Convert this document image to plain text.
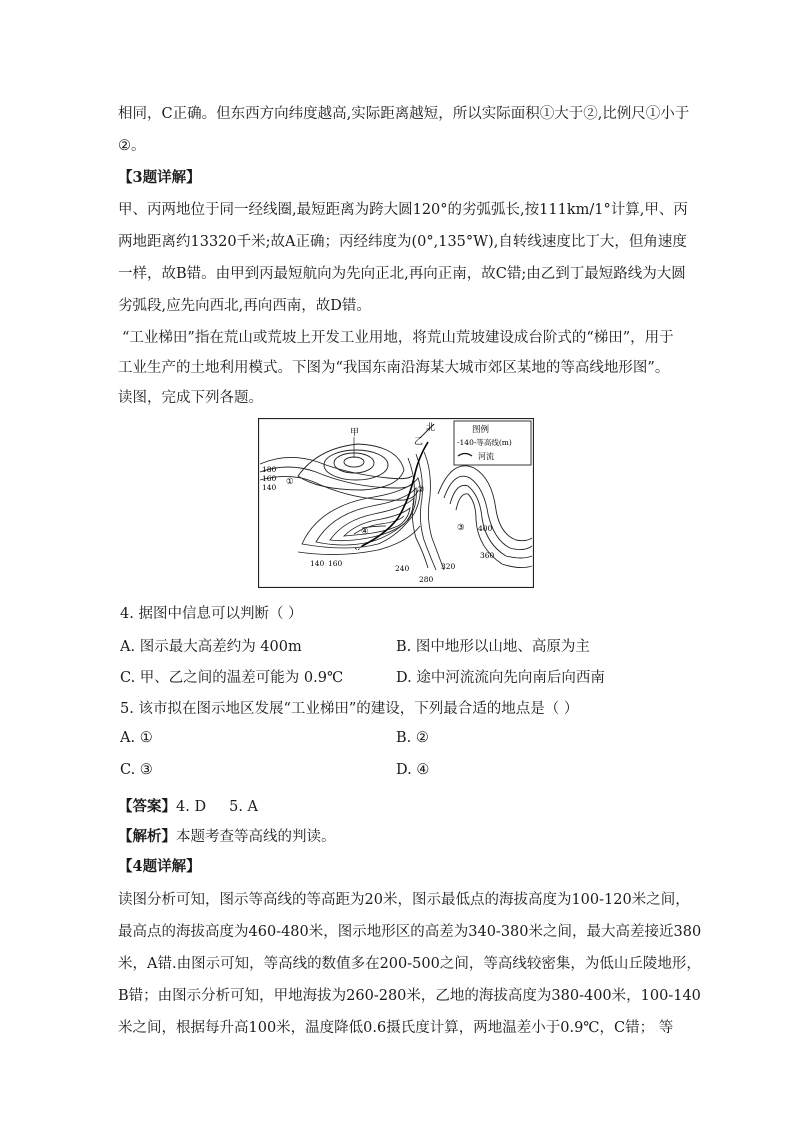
相同，C正确。但东西方向纬度越高,实际距离越短，所以实际面积①大于②,比例尺①小于
②。
【3题详解】
甲、丙两地位于同一经线圈,最短距离为跨大圆120°的劣弧弧长,按111km/1°计算,甲、丙
两地距离约13320千米;故A正确；丙经纬度为(0°,135°W),自转线速度比丁大，但角速度
一样，故B错。由甲到丙最短航向为先向正北,再向正南，故C错;由乙到丁最短路线为大圆
劣弧段,应先向西北,再向西南，故D错。
“工业梯田”指在荒山或荒坡上开发工业用地，将荒山荒坡建设成台阶式的“梯田”，用于
工业生产的土地利用模式。下图为“我国东南沿海某大城市郊区某地的等高线地形图”。
读图，完成下列各题。
图例
-140-等高线(m)
河流
北
甲
180
160
140
①
④
②
乙
③ 400
360
140 160
240
280
320
4. 据图中信息可以判断（ ）
A. 图示最大高差约为 400m	B. 图中地形以山地、高原为主
C. 甲、乙之间的温差可能为 0.9℃	D. 途中河流流向先向南后向西南
5. 该市拟在图示地区发展“工业梯田”的建设，下列最合适的地点是（ ）
A. ①	B. ②
C. ③	D. ④
【答案】4. D     5. A
【解析】本题考查等高线的判读。
【4题详解】
读图分析可知，图示等高线的等高距为20米，图示最低点的海拔高度为100-120米之间，
最高点的海拔高度为460-480米，图示地形区的高差为340-380米之间，最大高差接近380
米，A错.由图示可知，等高线的数值多在200-500之间，等高线较密集，为低山丘陵地形，
B错；由图示分析可知，甲地海拔为260-280米，乙地的海拔高度为380-400米，100-140
米之间，根据每升高100米，温度降低0.6摄氏度计算，两地温差小于0.9℃，C错； 等
